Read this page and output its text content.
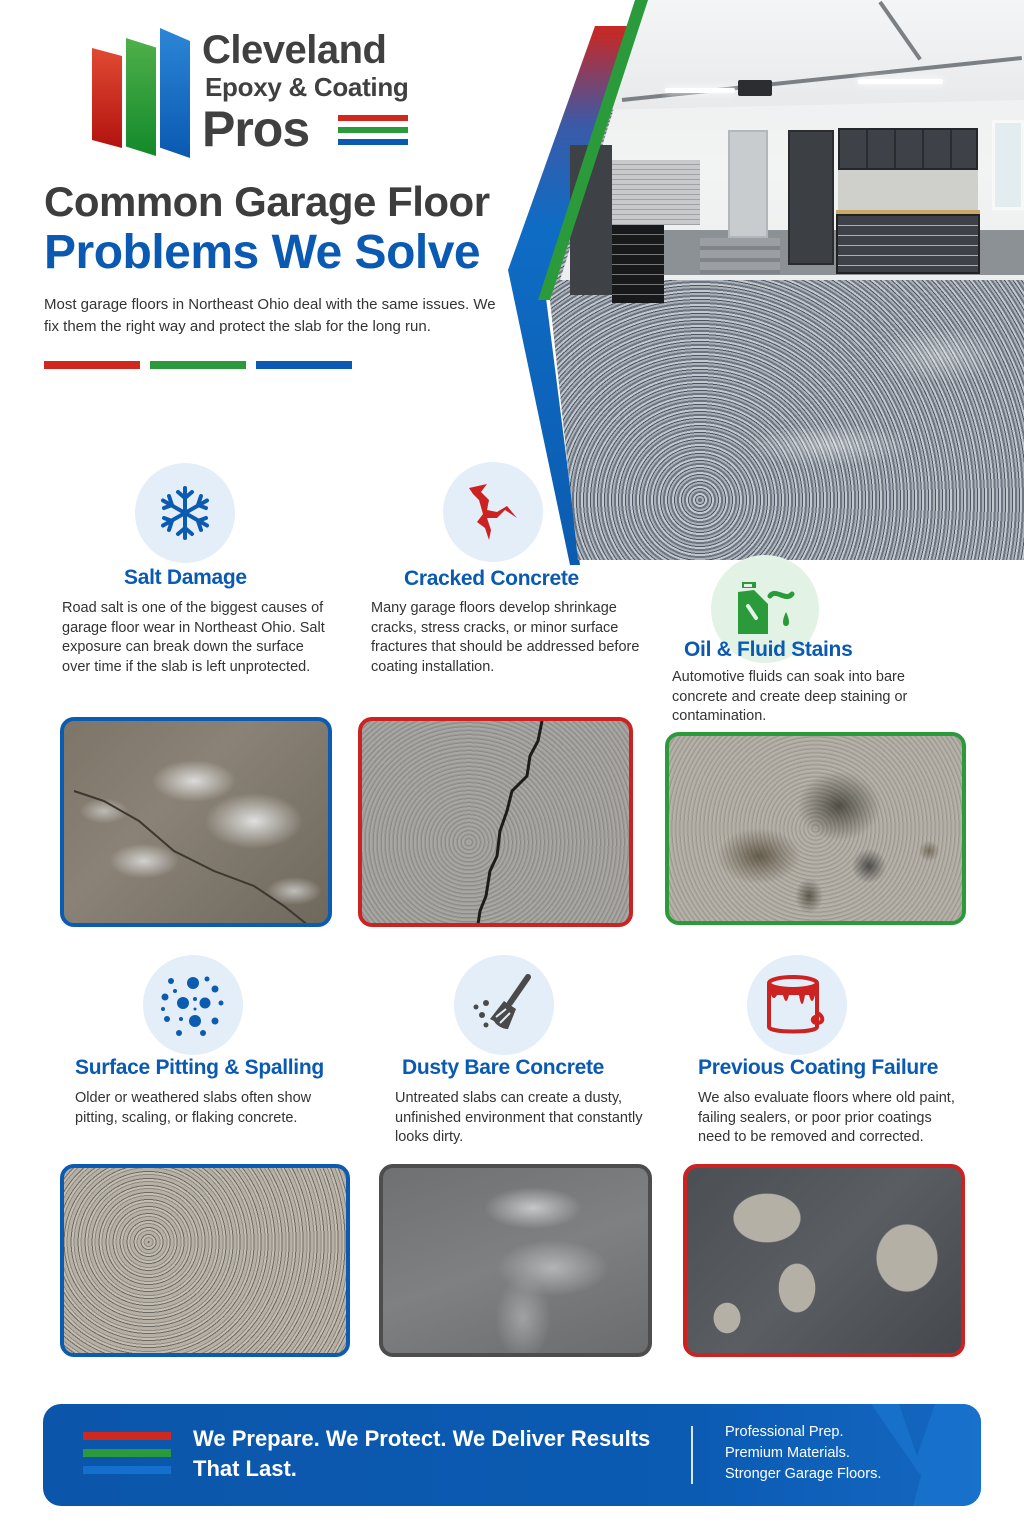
Cleveland
Epoxy & Coating
Pros
Common Garage Floor
Problems We Solve

Most garage floors in Northeast Ohio deal with the same issues. We fix them the right way and protect the slab for the long run.

Salt Damage
Road salt is one of the biggest causes of garage floor wear in Northeast Ohio. Salt exposure can break down the surface over time if the slab is left unprotected.
Cracked Concrete
Many garage floors develop shrinkage cracks, stress cracks, or minor surface fractures that should be addressed before coating installation.
Oil & Fluid Stains
Automotive fluids can soak into bare concrete and create deep staining or contamination.
Surface Pitting & Spalling
Older or weathered slabs often show pitting, scaling, or flaking concrete.
Dusty Bare Concrete
Untreated slabs can create a dusty, unfinished environment that constantly looks dirty.
Previous Coating Failure
We also evaluate floors where old paint, failing sealers, or poor prior coatings need to be removed and corrected.
We Prepare. We Protect. We Deliver Results That Last.
Professional Prep.
Premium Materials.
Stronger Garage Floors.
